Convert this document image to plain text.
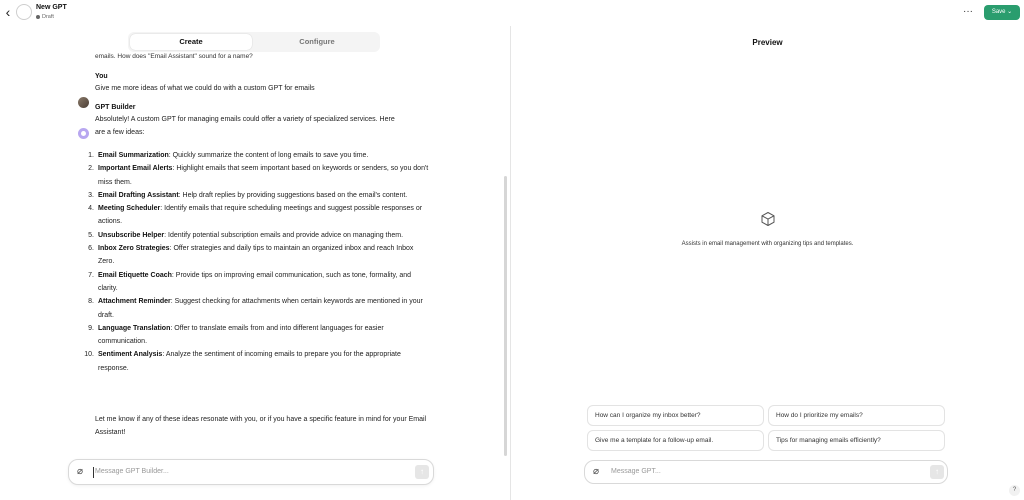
‹	New GPT
Draft	···	Save ⌄
Create	Configure
emails. How does "Email Assistant" sound for a name?
You
Give me more ideas of what we could do with a custom GPT for emails
GPT Builder
Absolutely! A custom GPT for managing emails could offer a variety of specialized services. Here
are a few ideas:
1. Email Summarization: Quickly summarize the content of long emails to save you time.
2. Important Email Alerts: Highlight emails that seem important based on keywords or senders, so you don't miss them.
3. Email Drafting Assistant: Help draft replies by providing suggestions based on the email's content.
4. Meeting Scheduler: Identify emails that require scheduling meetings and suggest possible responses or actions.
5. Unsubscribe Helper: Identify potential subscription emails and provide advice on managing them.
6. Inbox Zero Strategies: Offer strategies and daily tips to maintain an organized inbox and reach Inbox Zero.
7. Email Etiquette Coach: Provide tips on improving email communication, such as tone, formality, and clarity.
8. Attachment Reminder: Suggest checking for attachments when certain keywords are mentioned in your draft.
9. Language Translation: Offer to translate emails from and into different languages for easier communication.
10. Sentiment Analysis: Analyze the sentiment of incoming emails to prepare you for the appropriate response.
Let me know if any of these ideas resonate with you, or if you have a specific feature in mind for your Email Assistant!
⌀	Message GPT Builder...	↑
Preview
Assists in email management with organizing tips and templates.
How can I organize my inbox better?	How do I prioritize my emails?
Give me a template for a follow-up email.	Tips for managing emails efficiently?
⌀	Message GPT...	↑
?
